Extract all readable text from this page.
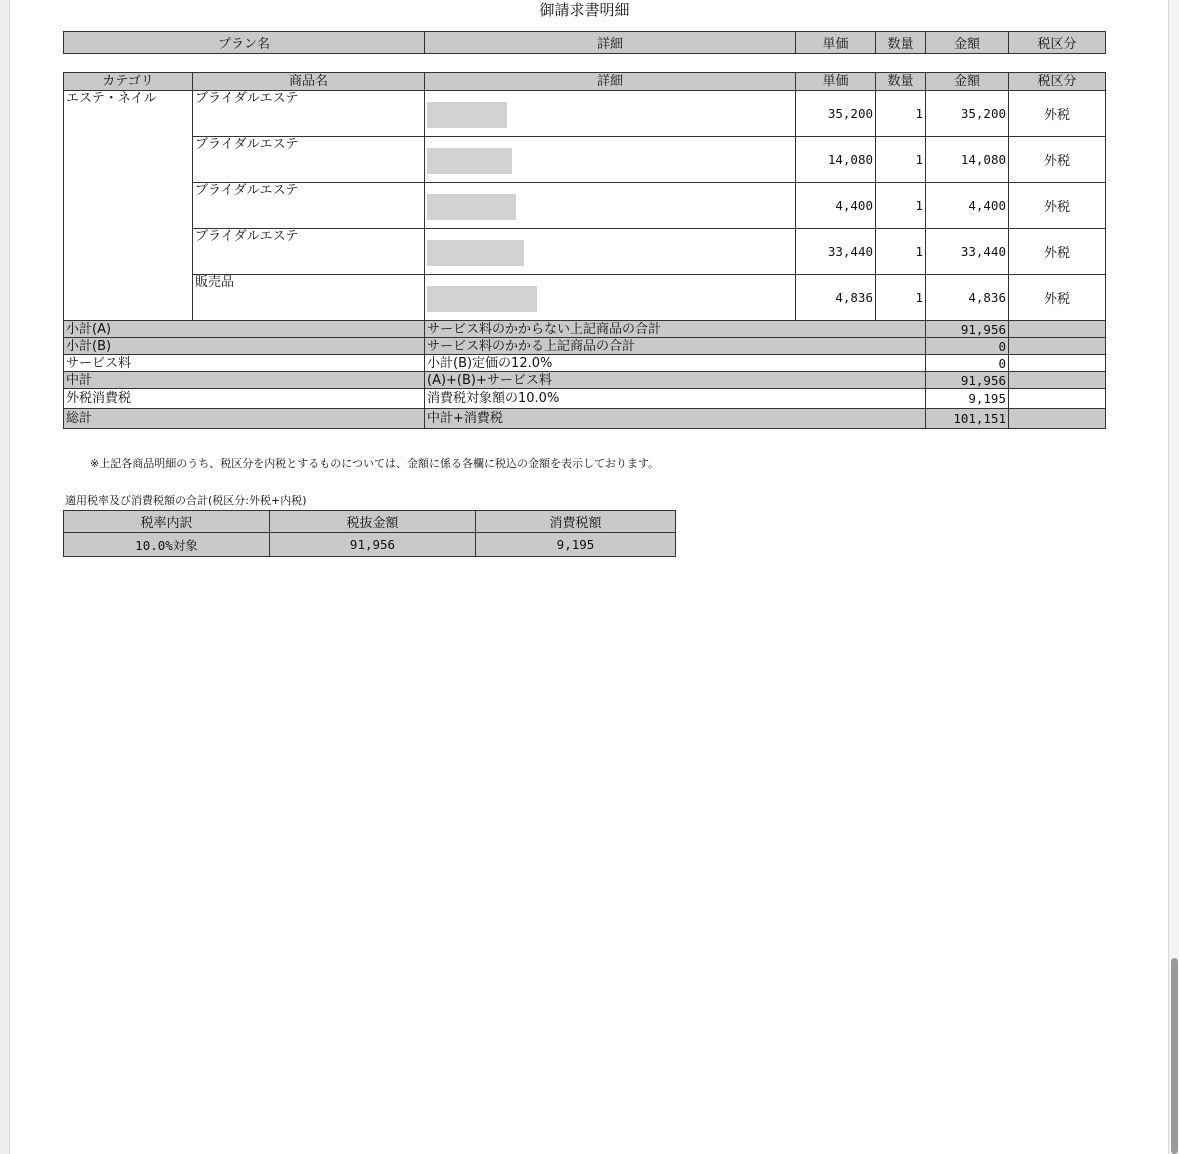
御請求書明細
プラン名	詳細	単価	数量	金額	税区分
カテゴリ	商品名	詳細	単価	数量	金額	税区分
エステ・ネイル	ブライダルエステ		35,200	1	35,200	外税
	ブライダルエステ		14,080	1	14,080	外税
	ブライダルエステ		4,400	1	4,400	外税
	ブライダルエステ		33,440	1	33,440	外税
	販売品		4,836	1	4,836	外税
小計(A)		サービス料のかからない上記商品の合計			91,956	
小計(B)		サービス料のかかる上記商品の合計			0	
サービス料		小計(B)定価の12.0%			0	
中計		(A)+(B)+サービス料			91,956	
外税消費税		消費税対象額の10.0%			9,195	
総計		中計+消費税			101,151	
※上記各商品明細のうち、税区分を内税とするものについては、金額に係る各欄に税込の金額を表示しております。
適用税率及び消費税額の合計(税区分:外税+内税)
税率内訳	税抜金額	消費税額
10.0%対象	91,956	9,195
